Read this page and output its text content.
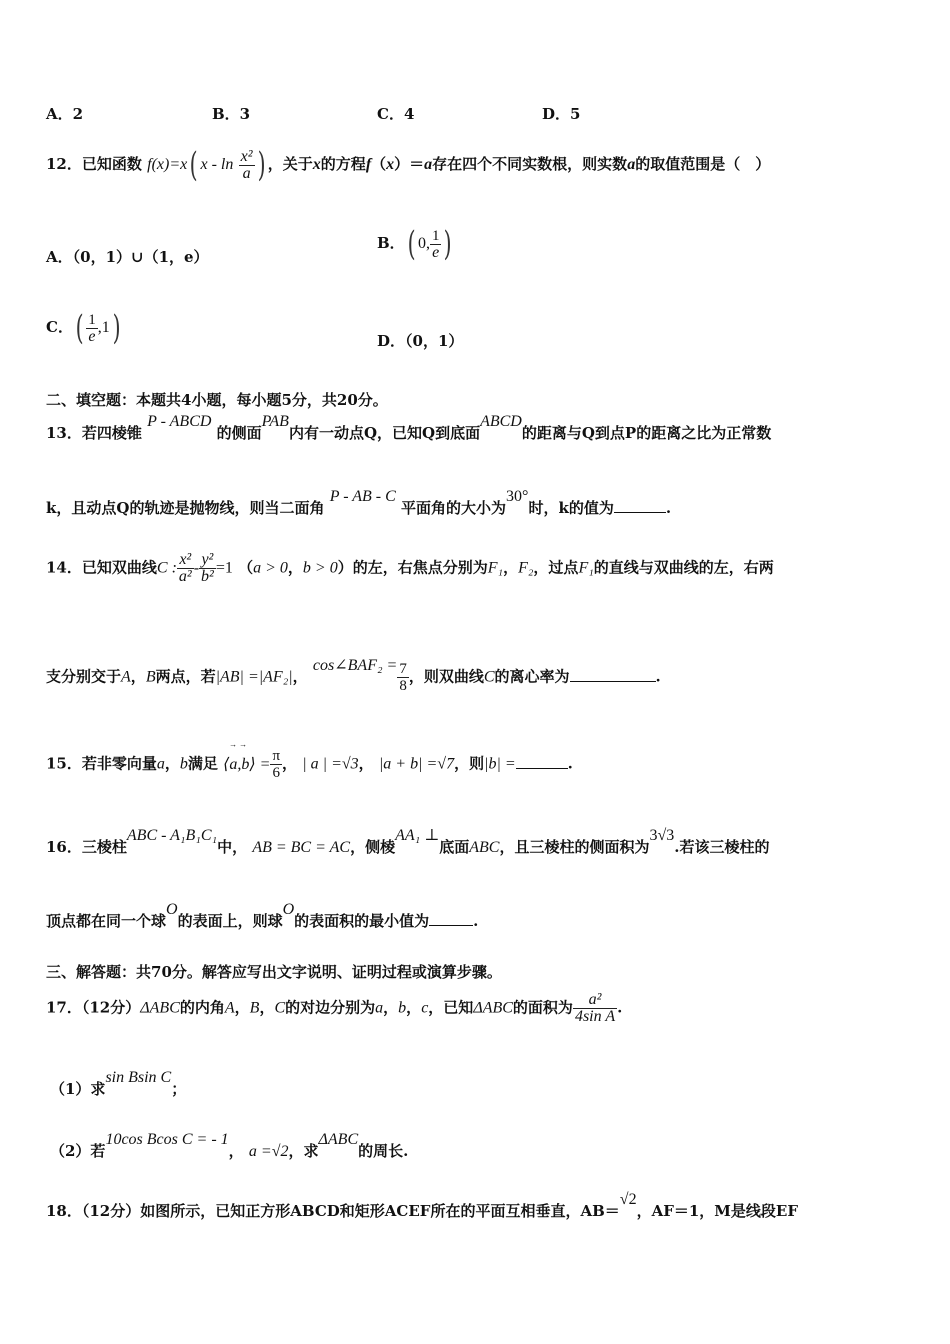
A．2	B．3	C．4	D．5
12．已知函数 f(x)=x( x - $\ln \frac{\text{x²}}{a}$ ) ，关于x的方程f（x）＝a存在四个不同实数根，则实数a的取值范围是（　）
A．（0，1）∪（1，e）
B．( 0, $\frac{1}{e}$ )
C．( $\frac{1}{e} ,1$)	D．（0，1）
二、填空题：本题共4小题，每小题5分，共20分。
13．若四棱锥 P - ABCD 的侧面PAB内有一动点Q，已知Q到底面ABCD的距离与Q到点P的距离之比为正常数
k，且动点Q的轨迹是抛物线，则当二面角 P - AB - C 平面角的大小为30°时，k的值为	.
14．已知双曲线C : $\frac{\text{x²}}{\text{a²}} - \frac{\text{y²}}{\text{b²}} =1$ （a > 0，b > 0）的左，右焦点分别为F₁，F₂，过点F₁的直线与双曲线的左，右两
支分别交于A，B两点，若|AB| =|AF₂|， cos∠BAF₂ = $\frac{7}{8}$ ，则双曲线C的离心率为	.
15．若非零向量a，b满足 → → ⟨a,b⟩ = $\frac{\pi}{6}$ ， | a | =√3， |a + b| =√7，则|b| =	.
16．三棱柱ABC - A₁B₁C₁中， AB = BC = AC，侧棱AA₁ ⊥底面ABC，且三棱柱的侧面积为3√3.若该三棱柱的
顶点都在同一个球O的表面上，则球O的表面积的最小值为	.
三、解答题：共70分。解答应写出文字说明、证明过程或演算步骤。
17．（12分）ΔABC的内角A，B，C的对边分别为a，b，c，已知ΔABC的面积为 $\frac{\text{a²}}{\text{4sin A}}$ .
（1）求sin Bsin C；
（2）若10cos Bcos C = - 1， a =√2，求ΔABC的周长.
18．（12分）如图所示，已知正方形ABCD和矩形ACEF所在的平面互相垂直，AB＝√2，AF＝1，M是线段EF
